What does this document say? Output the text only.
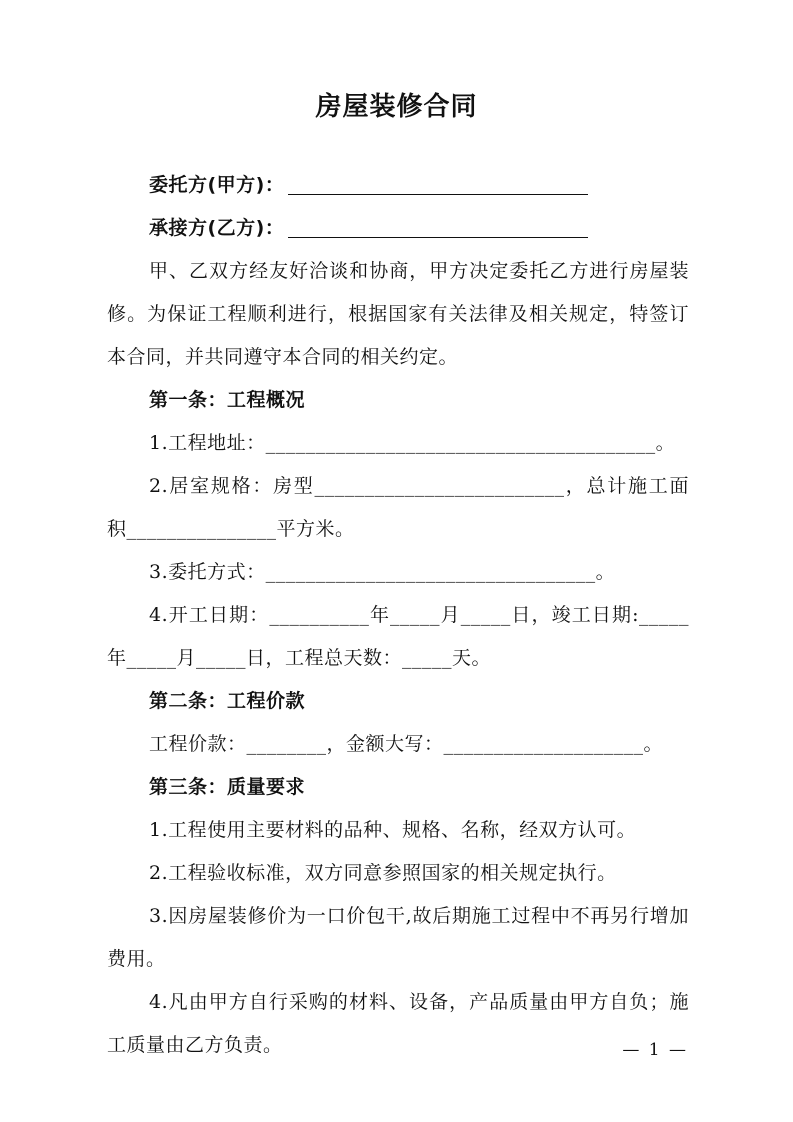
房屋装修合同

委托方(甲方)：

承接方(乙方)：

甲、乙双方经友好洽谈和协商，甲方决定委托乙方进行房屋装修。为保证工程顺利进行，根据国家有关法律及相关规定，特签订本合同，并共同遵守本合同的相关约定。

第一条：工程概况

1.工程地址：_______________________________________。

2.居室规格：房型_________________________，总计施工面积_______________平方米。

3.委托方式：_________________________________。

4.开工日期：__________年_____月_____日，竣工日期:_____年_____月_____日，工程总天数：_____天。

第二条：工程价款

工程价款：________，金额大写：____________________。

第三条：质量要求

1.工程使用主要材料的品种、规格、名称，经双方认可。

2.工程验收标准，双方同意参照国家的相关规定执行。

3.因房屋装修价为一口价包干,故后期施工过程中不再另行增加费用。

4.凡由甲方自行采购的材料、设备，产品质量由甲方自负；施工质量由乙方负责。	— 1 —
